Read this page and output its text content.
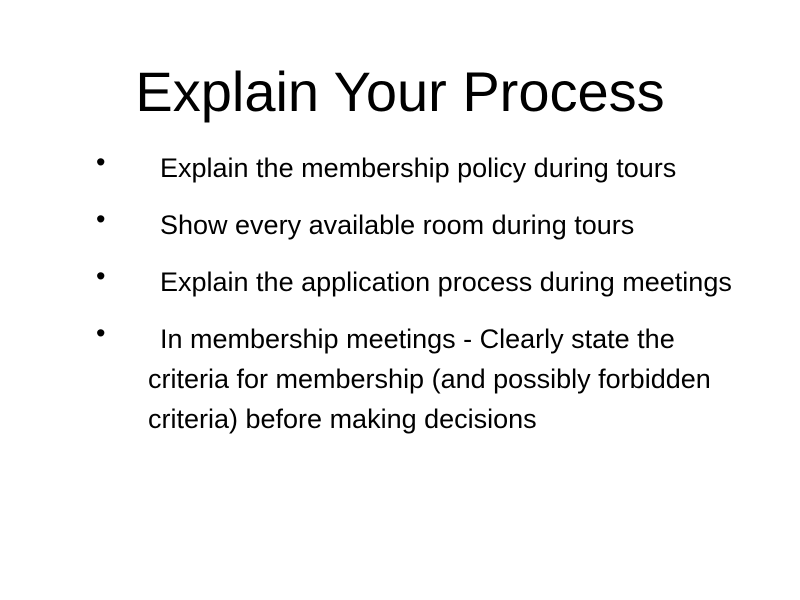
Explain Your Process
•	Explain the membership policy during tours
•	Show every available room during tours
•	Explain the application process during meetings
•	In membership meetings - Clearly state the criteria for membership (and possibly forbidden criteria) before making decisions
